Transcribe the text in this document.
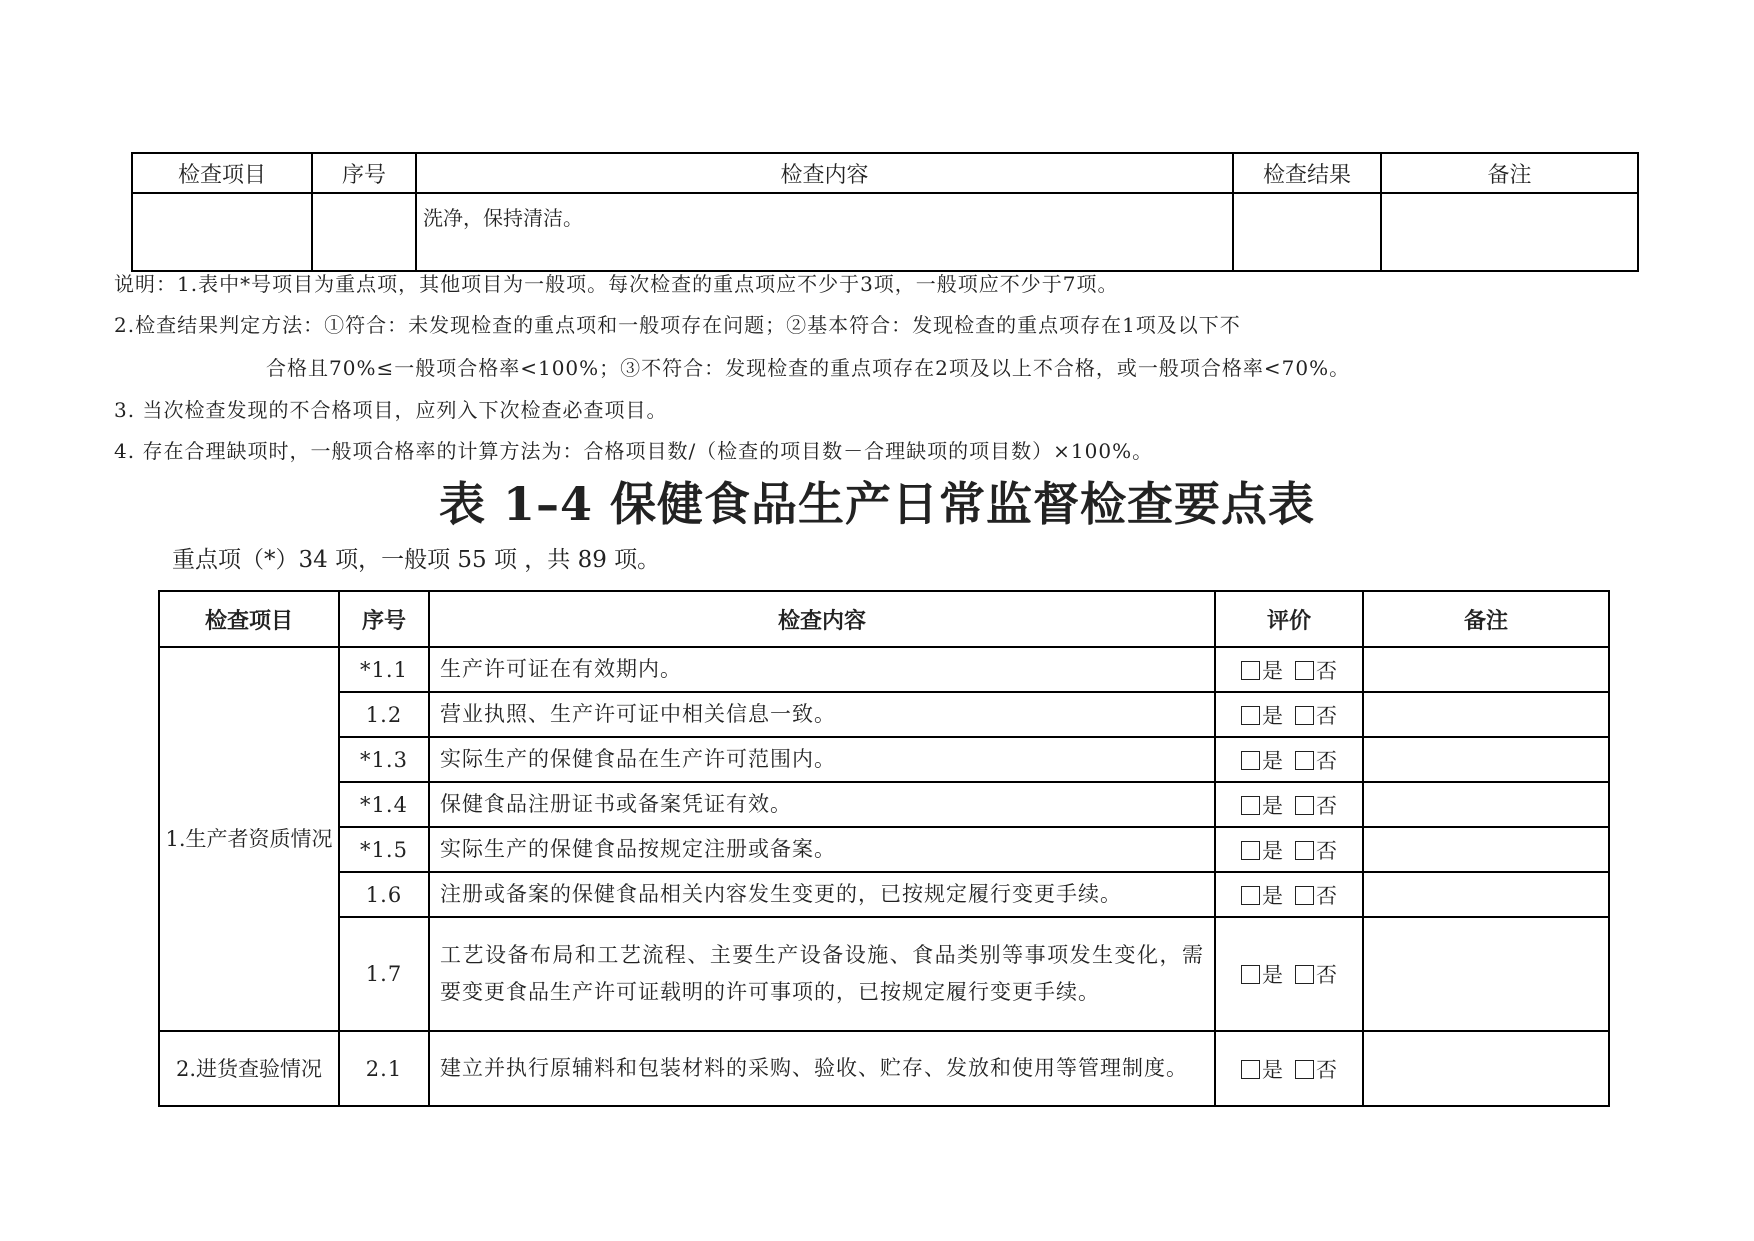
检查项目	序号	检查内容	检查结果	备注
		洗净，保持清洁。		
说明：1.表中*号项目为重点项，其他项目为一般项。每次检查的重点项应不少于3项，一般项应不少于7项。
2.检查结果判定方法：①符合：未发现检查的重点项和一般项存在问题；②基本符合：发现检查的重点项存在1项及以下不
合格且70%≤一般项合格率<100%；③不符合：发现检查的重点项存在2项及以上不合格，或一般项合格率<70%。
3. 当次检查发现的不合格项目，应列入下次检查必查项目。
4. 存在合理缺项时，一般项合格率的计算方法为：合格项目数/（检查的项目数－合理缺项的项目数）×100%。
表 1–4 保健食品生产日常监督检查要点表
重点项（*）34 项，一般项 55 项 ，共 89 项。
检查项目	序号	检查内容	评价	备注
1.生产者资质情况	*1.1	生产许可证在有效期内。	是 否	
	1.2	营业执照、生产许可证中相关信息一致。	是 否	
	*1.3	实际生产的保健食品在生产许可范围内。	是 否	
	*1.4	保健食品注册证书或备案凭证有效。	是 否	
	*1.5	实际生产的保健食品按规定注册或备案。	是 否	
	1.6	注册或备案的保健食品相关内容发生变更的，已按规定履行变更手续。	是 否	
	1.7	工艺设备布局和工艺流程、主要生产设备设施、食品类别等事项发生变化，需要变更食品生产许可证载明的许可事项的，已按规定履行变更手续。	是 否	
2.进货查验情况	2.1	建立并执行原辅料和包装材料的采购、验收、贮存、发放和使用等管理制度。	是 否	
